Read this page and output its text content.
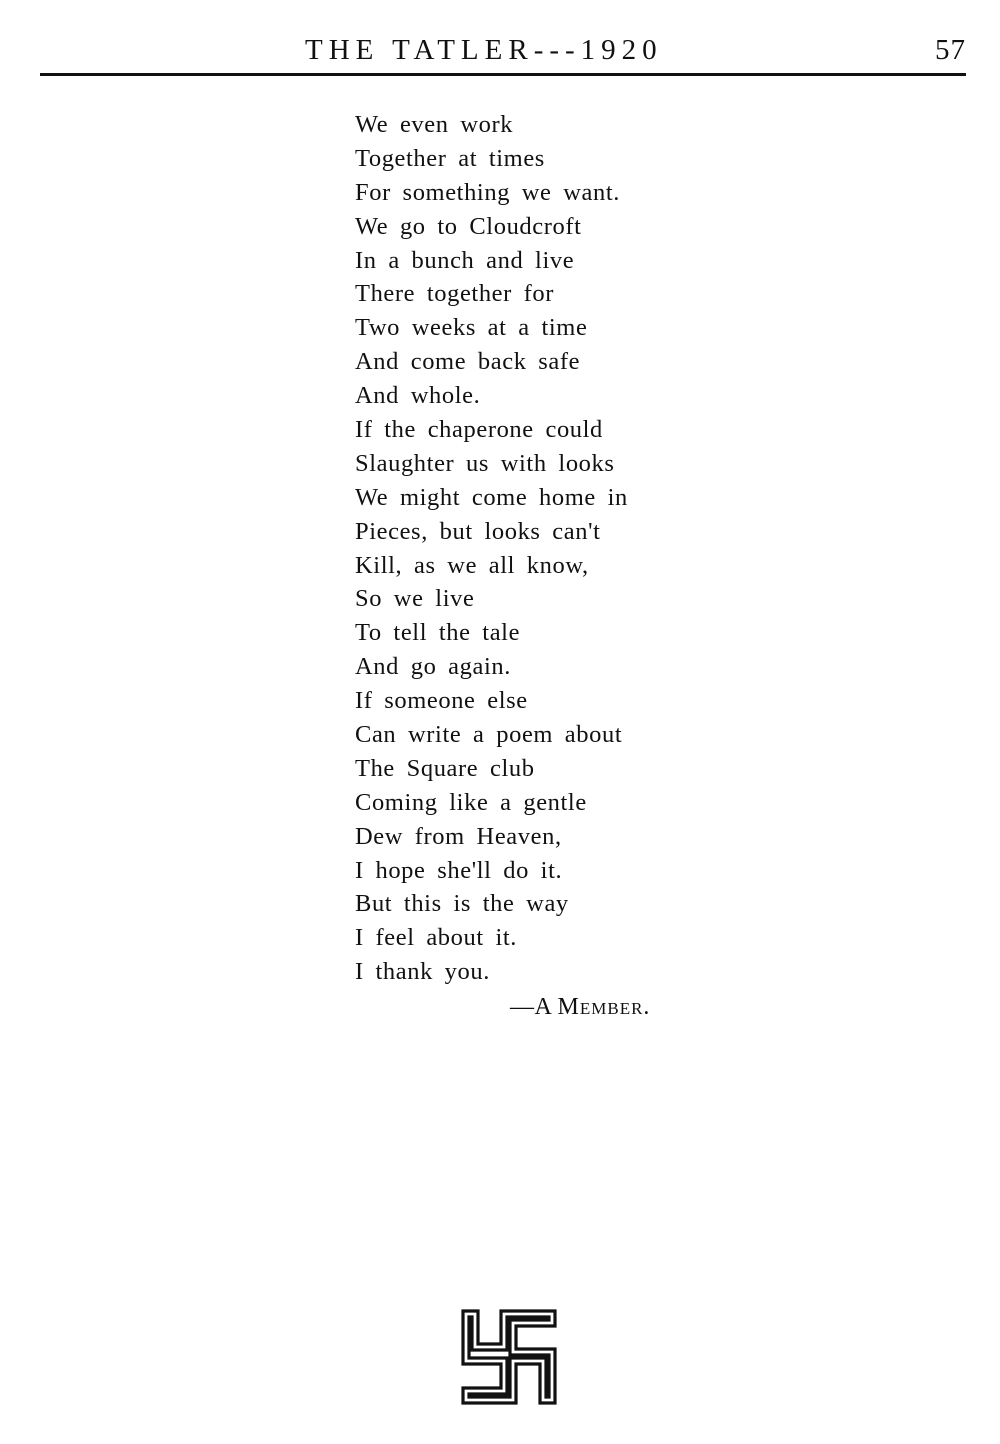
THE TATLER---1920	57
We even work
Together at times
For something we want.
We go to Cloudcroft
In a bunch and live
There together for
Two weeks at a time
And come back safe
And whole.
If the chaperone could
Slaughter us with looks
We might come home in
Pieces, but looks can't
Kill, as we all know,
So we live
To tell the tale
And go again.
If someone else
Can write a poem about
The Square club
Coming like a gentle
Dew from Heaven,
I hope she'll do it.
But this is the way
I feel about it.
I thank you.
—A Member.
